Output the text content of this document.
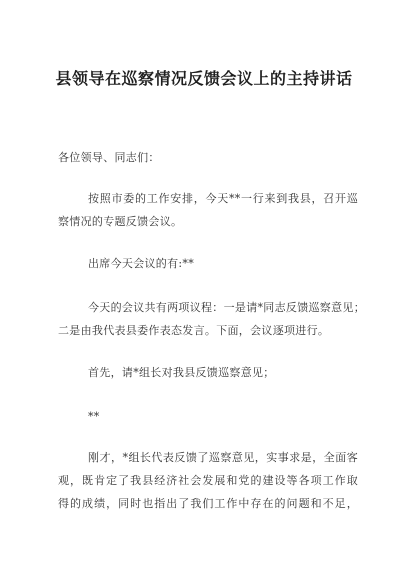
县领导在巡察情况反馈会议上的主持讲话

各位领导、同志们：

按照市委的工作安排，今天**一行来到我县，召开巡
察情况的专题反馈会议。

出席今天会议的有:**

今天的会议共有两项议程：一是请*同志反馈巡察意见；
二是由我代表县委作表态发言。下面，会议逐项进行。

首先，请*组长对我县反馈巡察意见；

**

刚才，*组长代表反馈了巡察意见，实事求是，全面客
观，既肯定了我县经济社会发展和党的建设等各项工作取
得的成绩，同时也指出了我们工作中存在的问题和不足，
